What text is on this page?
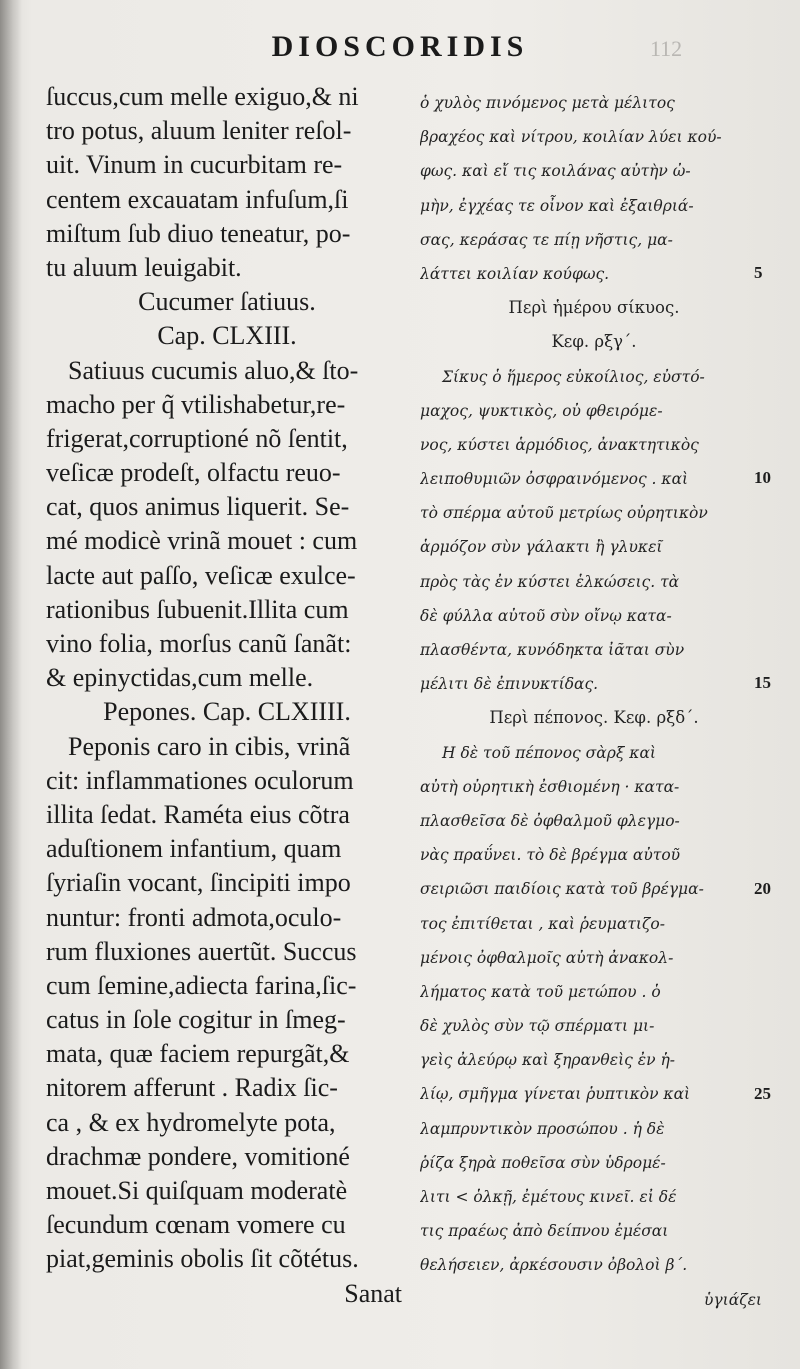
DIOSCORIDIS	112
ſuccus,cum melle exiguo,& ni
tro potus, aluum leniter reſol-
uit. Vinum in cucurbitam re-
centem excauatam infuſum,ſi
miſtum ſub diuo teneatur, po-
tu aluum leuigabit.
Cucumer ſatiuus.
Cap. CLXIII.
Satiuus cucumis aluo,& ſto-
macho per q̃ vtilishabetur,re-
frigerat,corruptioné nõ ſentit,
veſicæ prodeſt, olfactu reuo-
cat, quos animus liquerit. Se-
mé modicè vrinã mouet : cum
lacte aut paſſo, veſicæ exulce-
rationibus ſubuenit.Illita cum
vino folia, morſus canũ ſanãt:
& epinyctidas,cum melle.
Pepones. Cap. CLXIIII.
Peponis caro in cibis, vrinã
cit: inflammationes oculorum
illita ſedat. Raméta eius cõtra
aduſtionem infantium, quam
ſyriaſin vocant, ſincipiti impo
nuntur: fronti admota,oculo-
rum fluxiones auertũt. Succus
cum ſemine,adiecta farina,ſic-
catus in ſole cogitur in ſmeg-
mata, quæ faciem repurgãt,&
nitorem afferunt . Radix ſic-
ca , & ex hydromelyte pota,
drachmæ pondere, vomitioné
mouet.Si quiſquam moderatè
ſecundum cœnam vomere cu
piat,geminis obolis ſit cõtétus.
Sanat
ὁ χυλὸς πινόμενος μετὰ μέλιτος
βραχέος καὶ νίτρου, κοιλίαν λύει κού-
φως. καὶ εἴ τις κοιλάνας αὐτὴν ὠ-
μὴν, ἐγχέας τε οἶνον καὶ ἐξαιθριά-
σας, κεράσας τε πίῃ νῆστις, μα-
λάττει κοιλίαν κούφως.
Περὶ ἡμέρου σίκυος.
Κεφ. ρξγ΄.
Σίκυς ὁ ἥμερος εὐκοίλιος, εὐστό-
μαχος, ψυκτικὸς, οὐ φθειρόμε-
νος, κύστει ἁρμόδιος, ἀνακτητικὸς
λειποθυμιῶν ὀσφραινόμενος . καὶ
τὸ σπέρμα αὐτοῦ μετρίως οὐρητικὸν
ἁρμόζον σὺν γάλακτι ἢ γλυκεῖ
πρὸς τὰς ἐν κύστει ἑλκώσεις. τὰ
δὲ φύλλα αὐτοῦ σὺν οἴνῳ κατα-
πλασθέντα, κυνόδηκτα ἰᾶται σὺν
μέλιτι δὲ ἐπινυκτίδας.
Περὶ πέπονος. Κεφ. ρξδ΄.
Η δὲ τοῦ πέπονος σὰρξ καὶ
αὐτὴ οὐρητικὴ ἐσθιομένη · κατα-
πλασθεῖσα δὲ ὀφθαλμοῦ φλεγμο-
νὰς πραΰνει. τὸ δὲ βρέγμα αὐτοῦ
σειριῶσι παιδίοις κατὰ τοῦ βρέγμα-
τος ἐπιτίθεται , καὶ ῥευματιζο-
μένοις ὀφθαλμοῖς αὐτὴ ἀνακολ-
λήματος κατὰ τοῦ μετώπου . ὁ
δὲ χυλὸς σὺν τῷ σπέρματι μι-
γεὶς ἀλεύρῳ καὶ ξηρανθεὶς ἐν ἡ-
λίῳ, σμῆγμα γίνεται ῥυπτικὸν καὶ
λαμπρυντικὸν προσώπου . ἡ δὲ
ῥίζα ξηρὰ ποθεῖσα σὺν ὑδρομέ-
λιτι < ὁλκῇ, ἐμέτους κινεῖ. εἰ δέ
τις πραέως ἀπὸ δείπνου ἐμέσαι
θελήσειεν, ἀρκέσουσιν ὀβολοὶ β΄.
ὑγιάζει
5
10
15
20
25
